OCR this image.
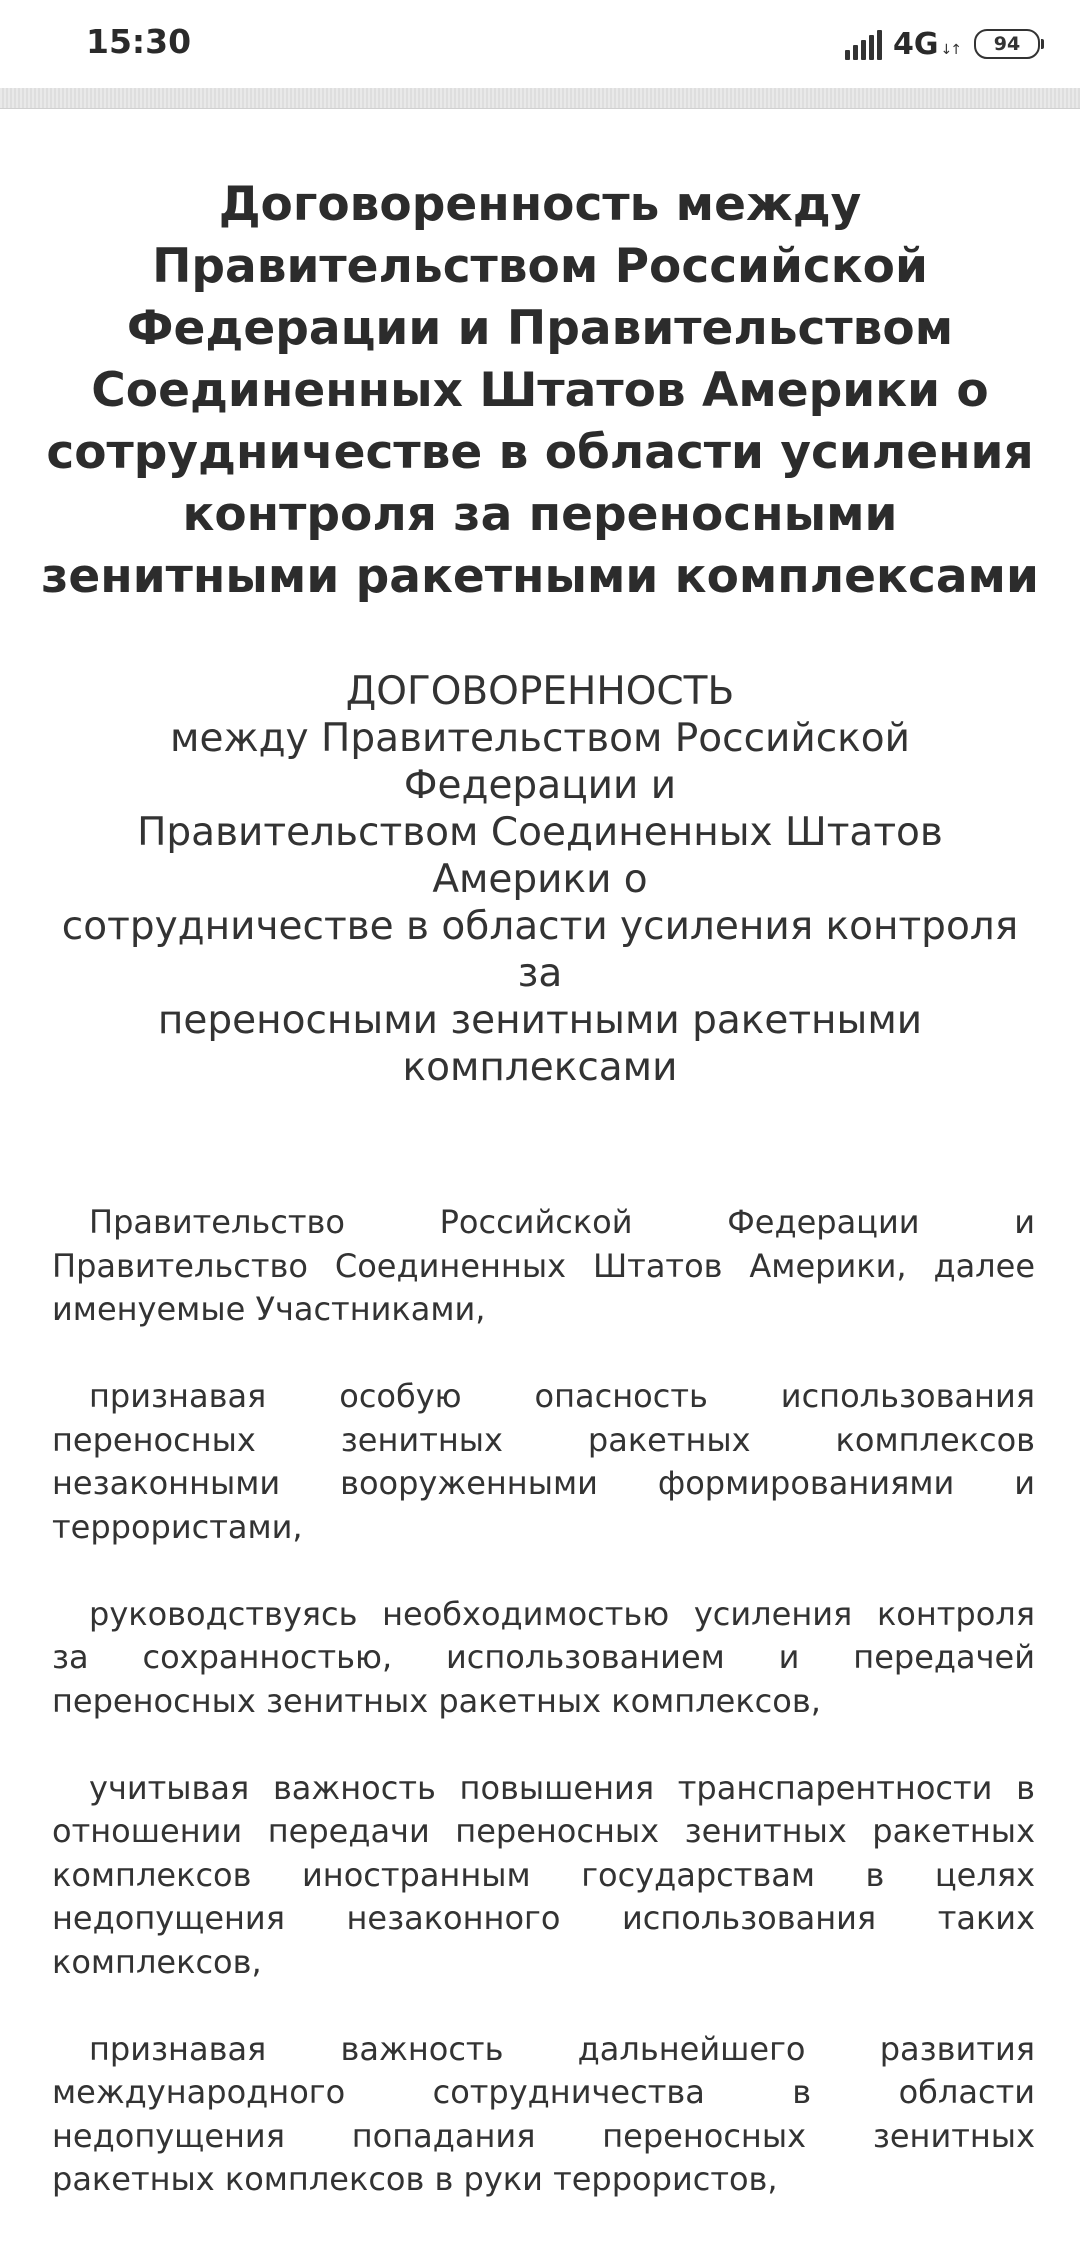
15:30	4G ↓↑ 94
Договоренность между Правительством Российской Федерации и Правительством Соединенных Штатов Америки о сотрудничестве в области усиления контроля за переносными зенитными ракетными комплексами
ДОГОВОРЕННОСТЬ
между Правительством Российской Федерации и
Правительством Соединенных Штатов Америки о
сотрудничестве в области усиления контроля за
переносными зенитными ракетными комплексами

Правительство Российской Федерации и Правительство Соединенных Штатов Америки, далее именуемые Участниками,

признавая особую опасность использования переносных зенитных ракетных комплексов незаконными вооруженными формированиями и террористами,

руководствуясь необходимостью усиления контроля за сохранностью, использованием и передачей переносных зенитных ракетных комплексов,

учитывая важность повышения транспарентности в отношении передачи переносных зенитных ракетных комплексов иностранным государствам в целях недопущения незаконного использования таких комплексов,

признавая важность дальнейшего развития международного сотрудничества в области недопущения попадания переносных зенитных ракетных комплексов в руки террористов,
